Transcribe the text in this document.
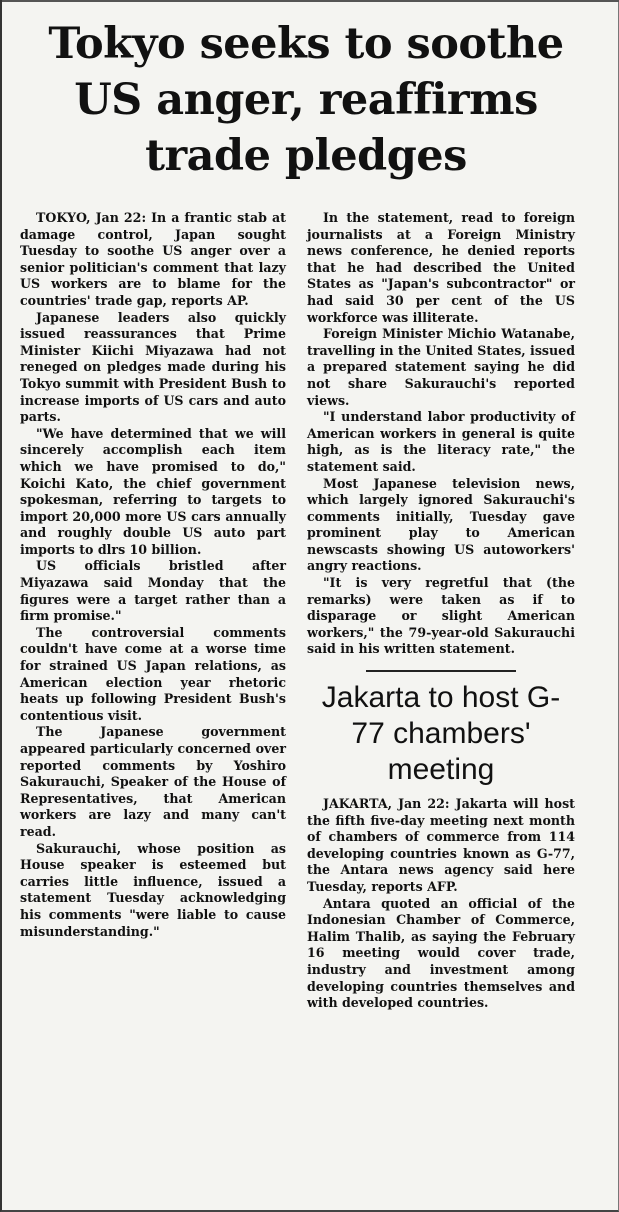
Tokyo seeks to soothe US anger, reaffirms trade pledges

TOKYO, Jan 22: In a frantic stab at damage control, Japan sought Tuesday to soothe US anger over a senior politician's comment that lazy US workers are to blame for the countries' trade gap, reports AP.

Japanese leaders also quickly issued reassurances that Prime Minister Kiichi Miyazawa had not reneged on pledges made during his Tokyo summit with President Bush to increase imports of US cars and auto parts.

"We have determined that we will sincerely accomplish each item which we have promised to do," Koichi Kato, the chief government spokesman, referring to targets to import 20,000 more US cars annually and roughly double US auto part imports to dlrs 10 billion.

US officials bristled after Miyazawa said Monday that the figures were a target rather than a firm promise."

The controversial comments couldn't have come at a worse time for strained US Japan relations, as American election year rhetoric heats up following President Bush's contentious visit.

The Japanese government appeared particularly concerned over reported comments by Yoshiro Sakurauchi, Speaker of the House of Representatives, that American workers are lazy and many can't read.

Sakurauchi, whose position as House speaker is esteemed but carries little influence, issued a statement Tuesday acknowledging his comments "were liable to cause misunderstanding."

In the statement, read to foreign journalists at a Foreign Ministry news conference, he denied reports that he had described the United States as "Japan's subcontractor" or had said 30 per cent of the US workforce was illiterate.

Foreign Minister Michio Watanabe, travelling in the United States, issued a prepared statement saying he did not share Sakurauchi's reported views.

"I understand labor productivity of American workers in general is quite high, as is the literacy rate," the statement said.

Most Japanese television news, which largely ignored Sakurauchi's comments initially, Tuesday gave prominent play to American newscasts showing US autoworkers' angry reactions.

"It is very regretful that (the remarks) were taken as if to disparage or slight American workers," the 79-year-old Sakurauchi said in his written statement.

Jakarta to host G-77 chambers' meeting

JAKARTA, Jan 22: Jakarta will host the fifth five-day meeting next month of chambers of commerce from 114 developing countries known as G-77, the Antara news agency said here Tuesday, reports AFP.

Antara quoted an official of the Indonesian Chamber of Commerce, Halim Thalib, as saying the February 16 meeting would cover trade, industry and investment among developing countries themselves and with developed countries.
